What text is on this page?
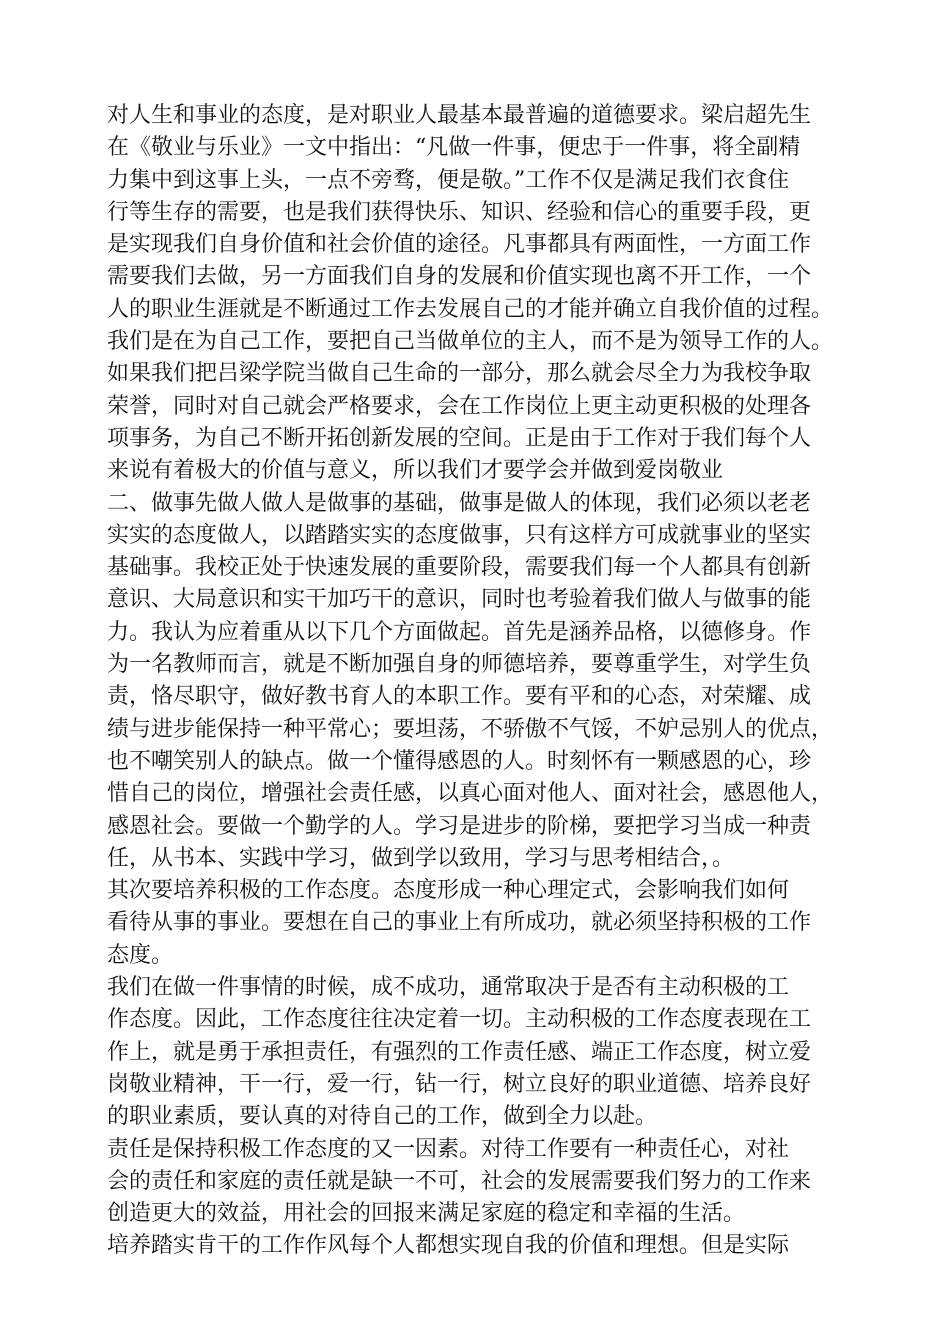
对人生和事业的态度，是对职业人最基本最普遍的道德要求。梁启超先生
在《敬业与乐业》一文中指出：“凡做一件事，便忠于一件事，将全副精
力集中到这事上头，一点不旁骛，便是敬。”工作不仅是满足我们衣食住
行等生存的需要，也是我们获得快乐、知识、经验和信心的重要手段，更
是实现我们自身价值和社会价值的途径。凡事都具有两面性，一方面工作
需要我们去做，另一方面我们自身的发展和价值实现也离不开工作，一个
人的职业生涯就是不断通过工作去发展自己的才能并确立自我价值的过程。
我们是在为自己工作，要把自己当做单位的主人，而不是为领导工作的人。
如果我们把吕梁学院当做自己生命的一部分，那么就会尽全力为我校争取
荣誉，同时对自己就会严格要求，会在工作岗位上更主动更积极的处理各
项事务，为自己不断开拓创新发展的空间。正是由于工作对于我们每个人
来说有着极大的价值与意义，所以我们才要学会并做到爱岗敬业
二、做事先做人做人是做事的基础，做事是做人的体现，我们必须以老老
实实的态度做人，以踏踏实实的态度做事，只有这样方可成就事业的坚实
基础事。我校正处于快速发展的重要阶段，需要我们每一个人都具有创新
意识、大局意识和实干加巧干的意识，同时也考验着我们做人与做事的能
力。我认为应着重从以下几个方面做起。首先是涵养品格，以德修身。作
为一名教师而言，就是不断加强自身的师德培养，要尊重学生，对学生负
责，恪尽职守，做好教书育人的本职工作。要有平和的心态，对荣耀、成
绩与进步能保持一种平常心；要坦荡，不骄傲不气馁，不妒忌别人的优点，
也不嘲笑别人的缺点。做一个懂得感恩的人。时刻怀有一颗感恩的心，珍
惜自己的岗位，增强社会责任感，以真心面对他人、面对社会，感恩他人，
感恩社会。要做一个勤学的人。学习是进步的阶梯，要把学习当成一种责
任，从书本、实践中学习，做到学以致用，学习与思考相结合，。
其次要培养积极的工作态度。态度形成一种心理定式，会影响我们如何
看待从事的事业。要想在自己的事业上有所成功，就必须坚持积极的工作
态度。
我们在做一件事情的时候，成不成功，通常取决于是否有主动积极的工
作态度。因此，工作态度往往决定着一切。主动积极的工作态度表现在工
作上，就是勇于承担责任，有强烈的工作责任感、端正工作态度，树立爱
岗敬业精神，干一行，爱一行，钻一行，树立良好的职业道德、培养良好
的职业素质，要认真的对待自己的工作，做到全力以赴。
责任是保持积极工作态度的又一因素。对待工作要有一种责任心，对社
会的责任和家庭的责任就是缺一不可，社会的发展需要我们努力的工作来
创造更大的效益，用社会的回报来满足家庭的稳定和幸福的生活。
培养踏实肯干的工作作风每个人都想实现自我的价值和理想。但是实际
